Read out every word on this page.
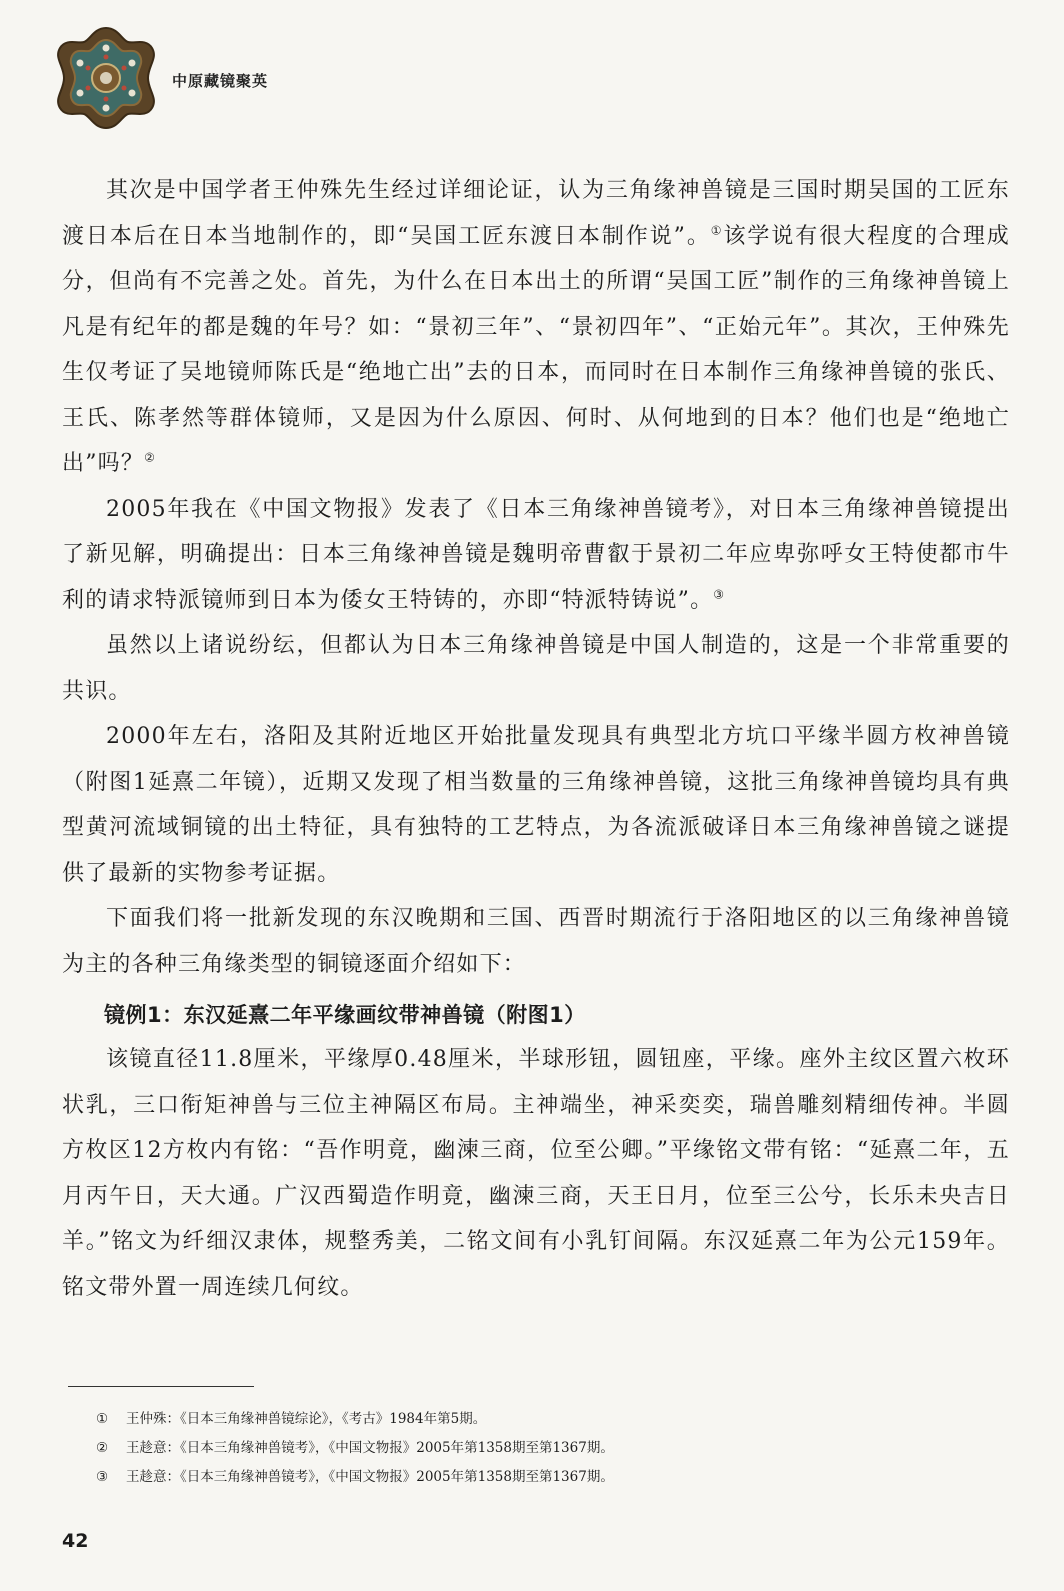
中原藏镜聚英

其次是中国学者王仲殊先生经过详细论证，认为三角缘神兽镜是三国时期吴国的工匠东渡日本后在日本当地制作的，即“吴国工匠东渡日本制作说”。①该学说有很大程度的合理成分，但尚有不完善之处。首先，为什么在日本出土的所谓“吴国工匠”制作的三角缘神兽镜上凡是有纪年的都是魏的年号？如：“景初三年”、“景初四年”、“正始元年”。其次，王仲殊先生仅考证了吴地镜师陈氏是“绝地亡出”去的日本，而同时在日本制作三角缘神兽镜的张氏、王氏、陈孝然等群体镜师，又是因为什么原因、何时、从何地到的日本？他们也是“绝地亡出”吗？②

2005年我在《中国文物报》发表了《日本三角缘神兽镜考》，对日本三角缘神兽镜提出了新见解，明确提出：日本三角缘神兽镜是魏明帝曹叡于景初二年应卑弥呼女王特使都市牛利的请求特派镜师到日本为倭女王特铸的，亦即“特派特铸说”。③

虽然以上诸说纷纭，但都认为日本三角缘神兽镜是中国人制造的，这是一个非常重要的共识。

2000年左右，洛阳及其附近地区开始批量发现具有典型北方坑口平缘半圆方枚神兽镜（附图1延熹二年镜），近期又发现了相当数量的三角缘神兽镜，这批三角缘神兽镜均具有典型黄河流域铜镜的出土特征，具有独特的工艺特点，为各流派破译日本三角缘神兽镜之谜提供了最新的实物参考证据。

下面我们将一批新发现的东汉晚期和三国、西晋时期流行于洛阳地区的以三角缘神兽镜为主的各种三角缘类型的铜镜逐面介绍如下：

镜例1：东汉延熹二年平缘画纹带神兽镜（附图1）

该镜直径11.8厘米，平缘厚0.48厘米，半球形钮，圆钮座，平缘。座外主纹区置六枚环状乳，三口衔矩神兽与三位主神隔区布局。主神端坐，神采奕奕，瑞兽雕刻精细传神。半圆方枚区12方枚内有铭：“吾作明竟，幽湅三商，位至公卿。”平缘铭文带有铭：“延熹二年，五月丙午日，天大通。广汉西蜀造作明竟，幽湅三商，天王日月，位至三公兮，长乐未央吉日羊。”铭文为纤细汉隶体，规整秀美，二铭文间有小乳钉间隔。东汉延熹二年为公元159年。铭文带外置一周连续几何纹。

①	王仲殊：《日本三角缘神兽镜综论》，《考古》1984年第5期。
②	王趁意：《日本三角缘神兽镜考》，《中国文物报》2005年第1358期至第1367期。
③	王趁意：《日本三角缘神兽镜考》，《中国文物报》2005年第1358期至第1367期。
42
